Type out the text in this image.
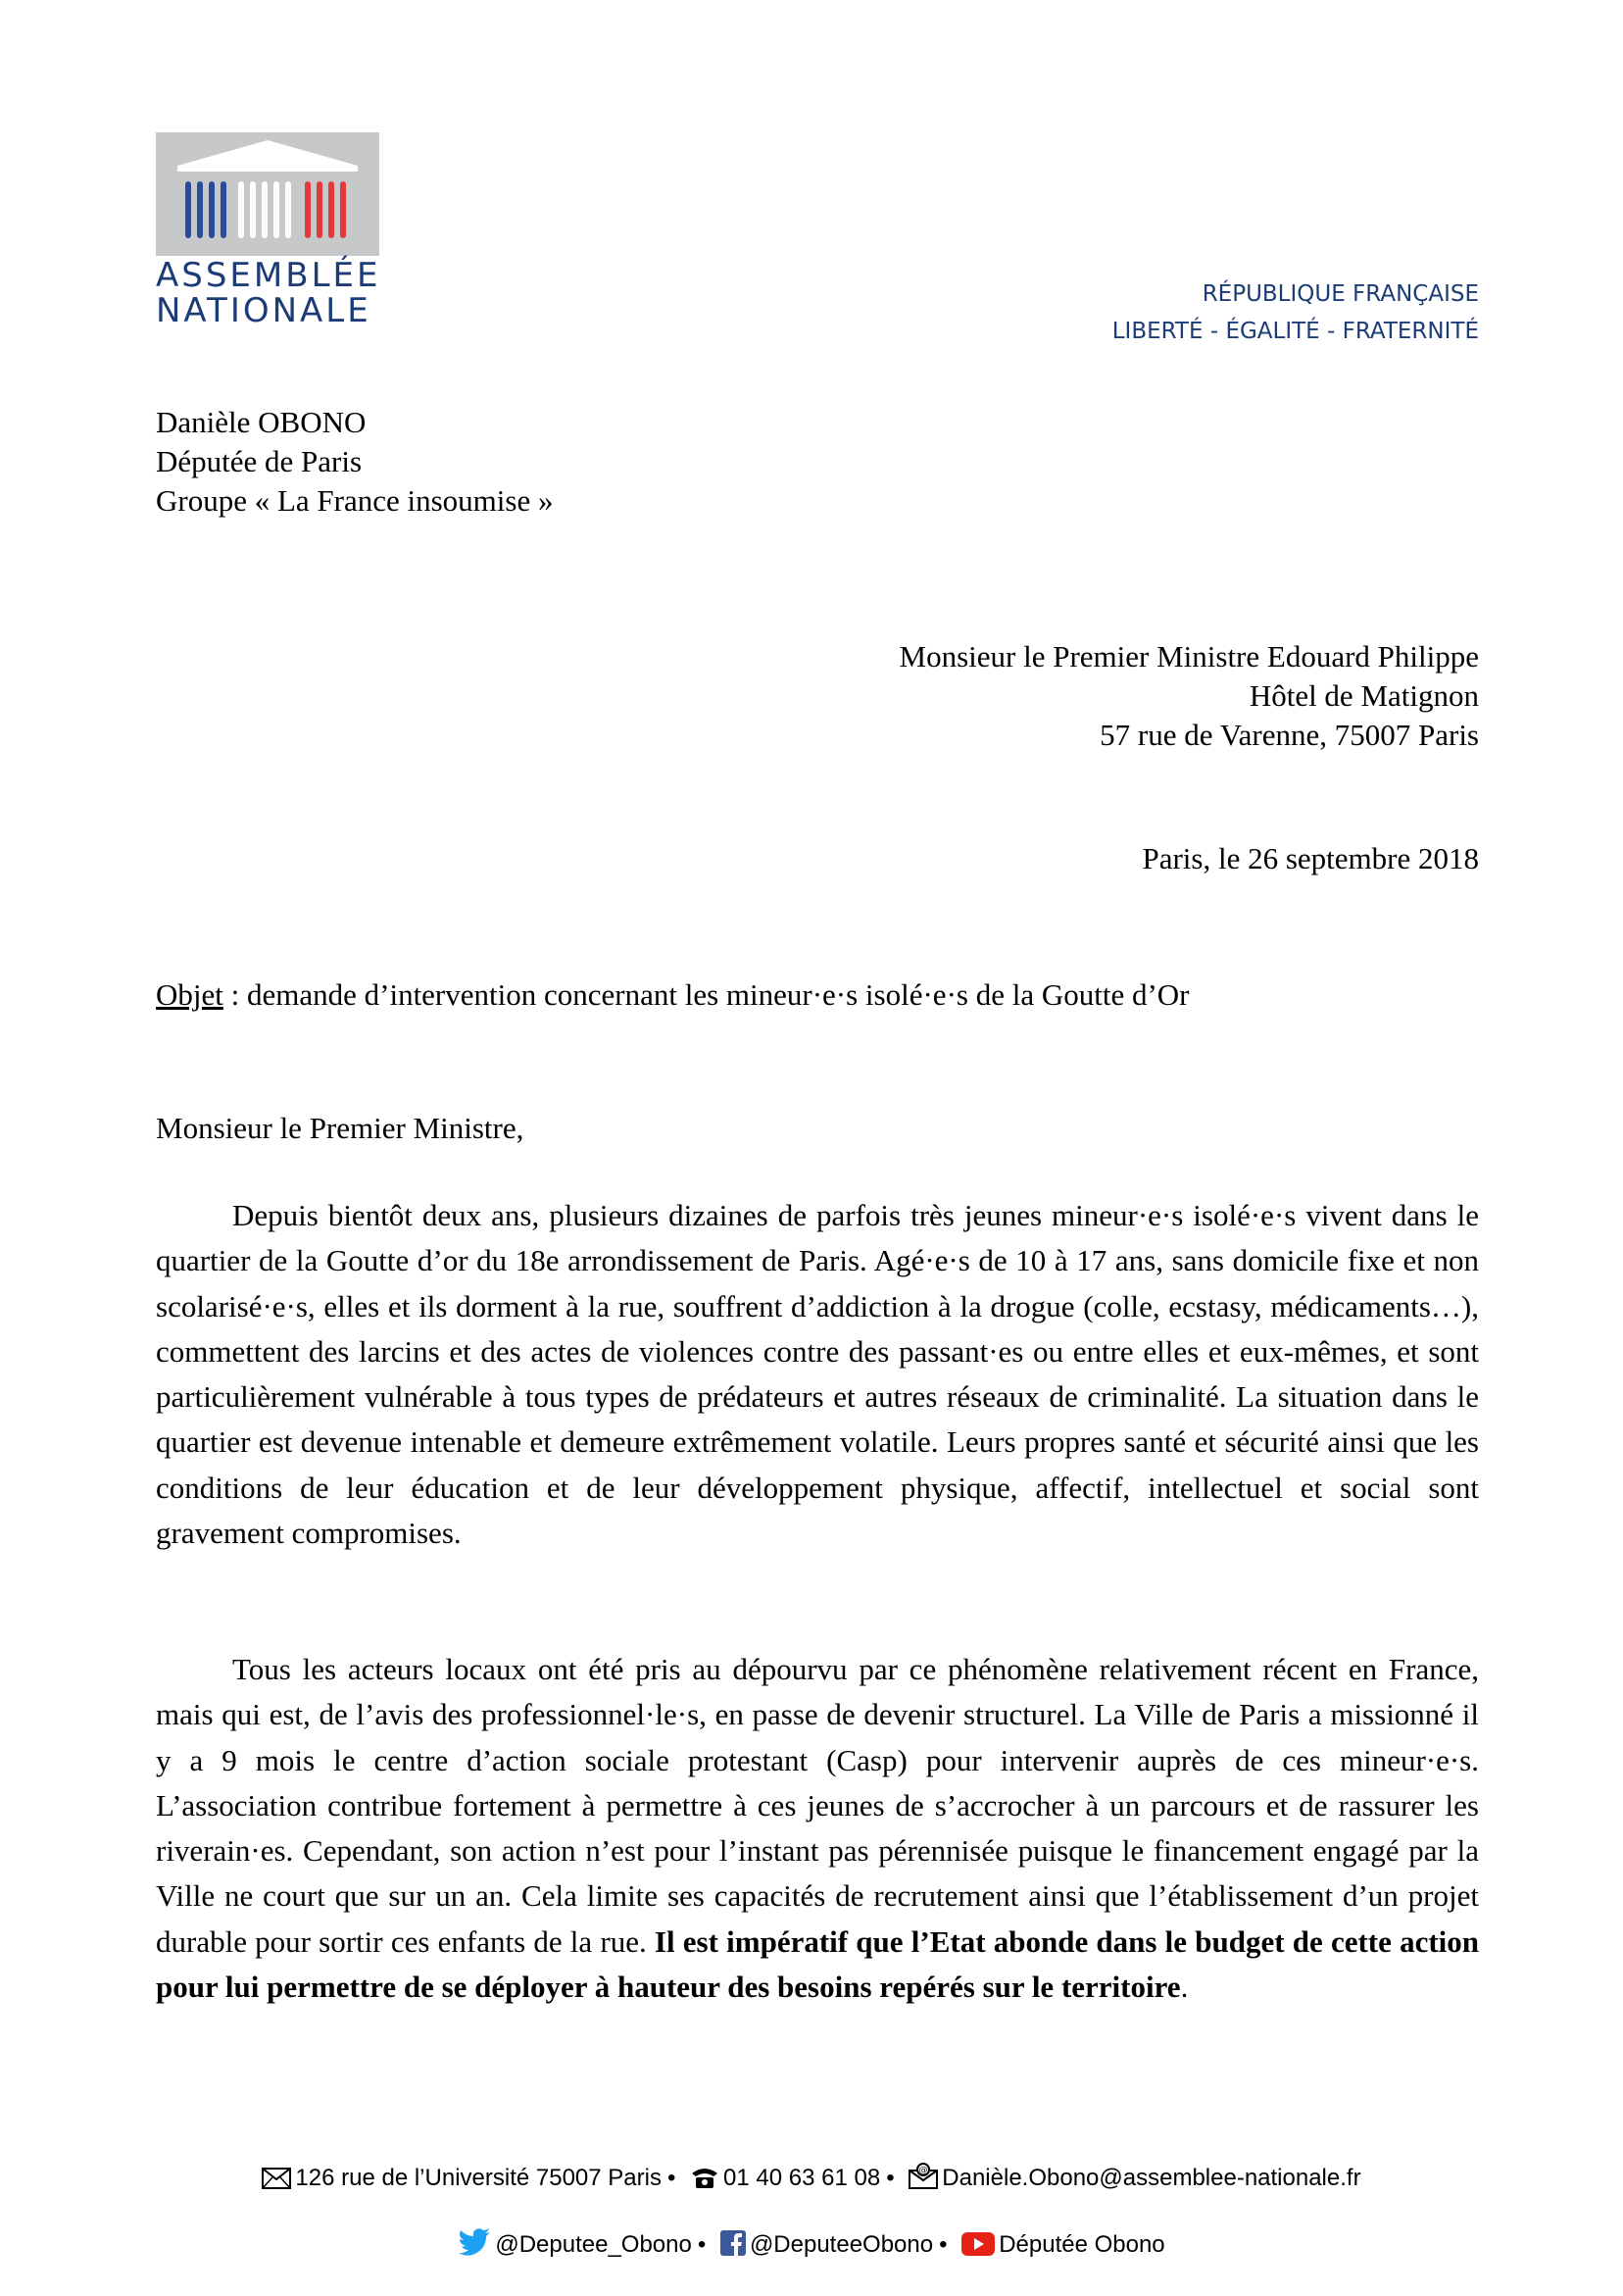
ASSEMBLÉE
NATIONALE	RÉPUBLIQUE FRANÇAISE
LIBERTÉ - ÉGALITÉ - FRATERNITÉ
Danièle OBONO
Députée de Paris
Groupe « La France insoumise »
Monsieur le Premier Ministre Edouard Philippe
Hôtel de Matignon
57 rue de Varenne, 75007 Paris
Paris, le 26 septembre 2018
Objet : demande d’intervention concernant les mineur·e·s isolé·e·s de la Goutte d’Or
Monsieur le Premier Ministre,
Depuis bientôt deux ans, plusieurs dizaines de parfois très jeunes mineur·e·s isolé·e·s vivent dans le quartier de la Goutte d’or du 18e arrondissement de Paris. Agé·e·s de 10 à 17 ans, sans domicile fixe et non scolarisé·e·s, elles et ils dorment à la rue, souffrent d’addiction à la drogue (colle, ecstasy, médicaments…), commettent des larcins et des actes de violences contre des passant·es ou entre elles et eux-mêmes, et sont particulièrement vulnérable à tous types de prédateurs et autres réseaux de criminalité. La situation dans le quartier est devenue intenable et demeure extrêmement volatile. Leurs propres santé et sécurité ainsi que les conditions de leur éducation et de leur développement physique, affectif, intellectuel et social sont gravement compromises.
Tous les acteurs locaux ont été pris au dépourvu par ce phénomène relativement récent en France, mais qui est, de l’avis des professionnel·le·s, en passe de devenir structurel. La Ville de Paris a missionné il y a 9 mois le centre d’action sociale protestant (Casp) pour intervenir auprès de ces mineur·e·s. L’association contribue fortement à permettre à ces jeunes de s’accrocher à un parcours et de rassurer les riverain·es. Cependant, son action n’est pour l’instant pas pérennisée puisque le financement engagé par la Ville ne court que sur un an. Cela limite ses capacités de recrutement ainsi que l’établissement d’un projet durable pour sortir ces enfants de la rue. Il est impératif que l’Etat abonde dans le budget de cette action pour lui permettre de se déployer à hauteur des besoins repérés sur le territoire.
126 rue de l’Université 75007 Paris • 01 40 63 61 08 •	@ Danièle.Obono@assemblee-nationale.fr
@Deputee_Obono • @DeputeeObono • Députée Obono
